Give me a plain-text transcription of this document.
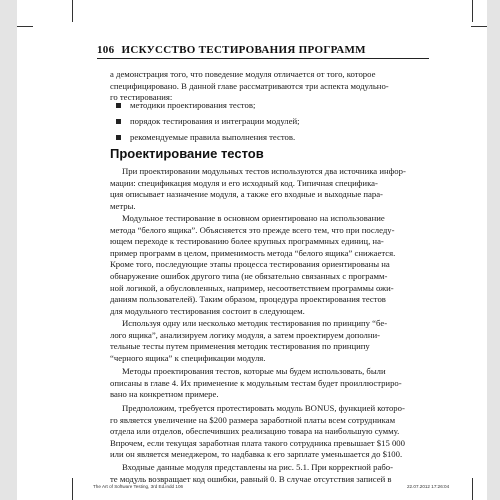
106 ИСКУССТВО ТЕСТИРОВАНИЯ ПРОГРАММ
а демонстрация того, что поведение модуля отличается от того, которое
специфицировано. В данной главе рассматриваются три аспекта модульно-
го тестирования:
методики проектирования тестов;
порядок тестирования и интеграции модулей;
рекомендуемые правила выполнения тестов.
Проектирование тестов
При проектировании модульных тестов используются два источника инфор-
мации: спецификация модуля и его исходный код. Типичная специфика-
ция описывает назначение модуля, а также его входные и выходные пара-
метры.
Модульное тестирование в основном ориентировано на использование
метода “белого ящика”. Объясняется это прежде всего тем, что при последу-
ющем переходе к тестированию более крупных программных единиц, на-
пример программ в целом, применимость метода “белого ящика” снижается.
Кроме того, последующие этапы процесса тестирования ориентированы на
обнаружение ошибок другого типа (не обязательно связанных с программ-
ной логикой, а обусловленных, например, несоответствием программы ожи-
даниям пользователей). Таким образом, процедура проектирования тестов
для модульного тестирования состоит в следующем.
Используя одну или несколько методик тестирования по принципу “бе-
лого ящика”, анализируем логику модуля, а затем проектируем дополни-
тельные тесты путем применения методик тестирования по принципу
“черного ящика” к спецификации модуля.
Методы проектирования тестов, которые мы будем использовать, были
описаны в главе 4. Их применение к модульным тестам будет проиллюстриро-
вано на конкретном примере.
Предположим, требуется протестировать модуль BONUS, функцией которо-
го является увеличение на $200 размера заработной платы всем сотрудникам
отдела или отделов, обеспечивших реализацию товара на наибольшую сумму.
Впрочем, если текущая заработная плата такого сотрудника превышает $15 000
или он является менеджером, то надбавка к его зарплате уменьшается до $100.
Входные данные модуля представлены на рис. 5.1. При корректной рабо-
те модуль возвращает код ошибки, равный 0. В случае отсутствия записей в
The Art of Software Testing, 3rd Ed.indd 106	22.07.2012 17:26:04
